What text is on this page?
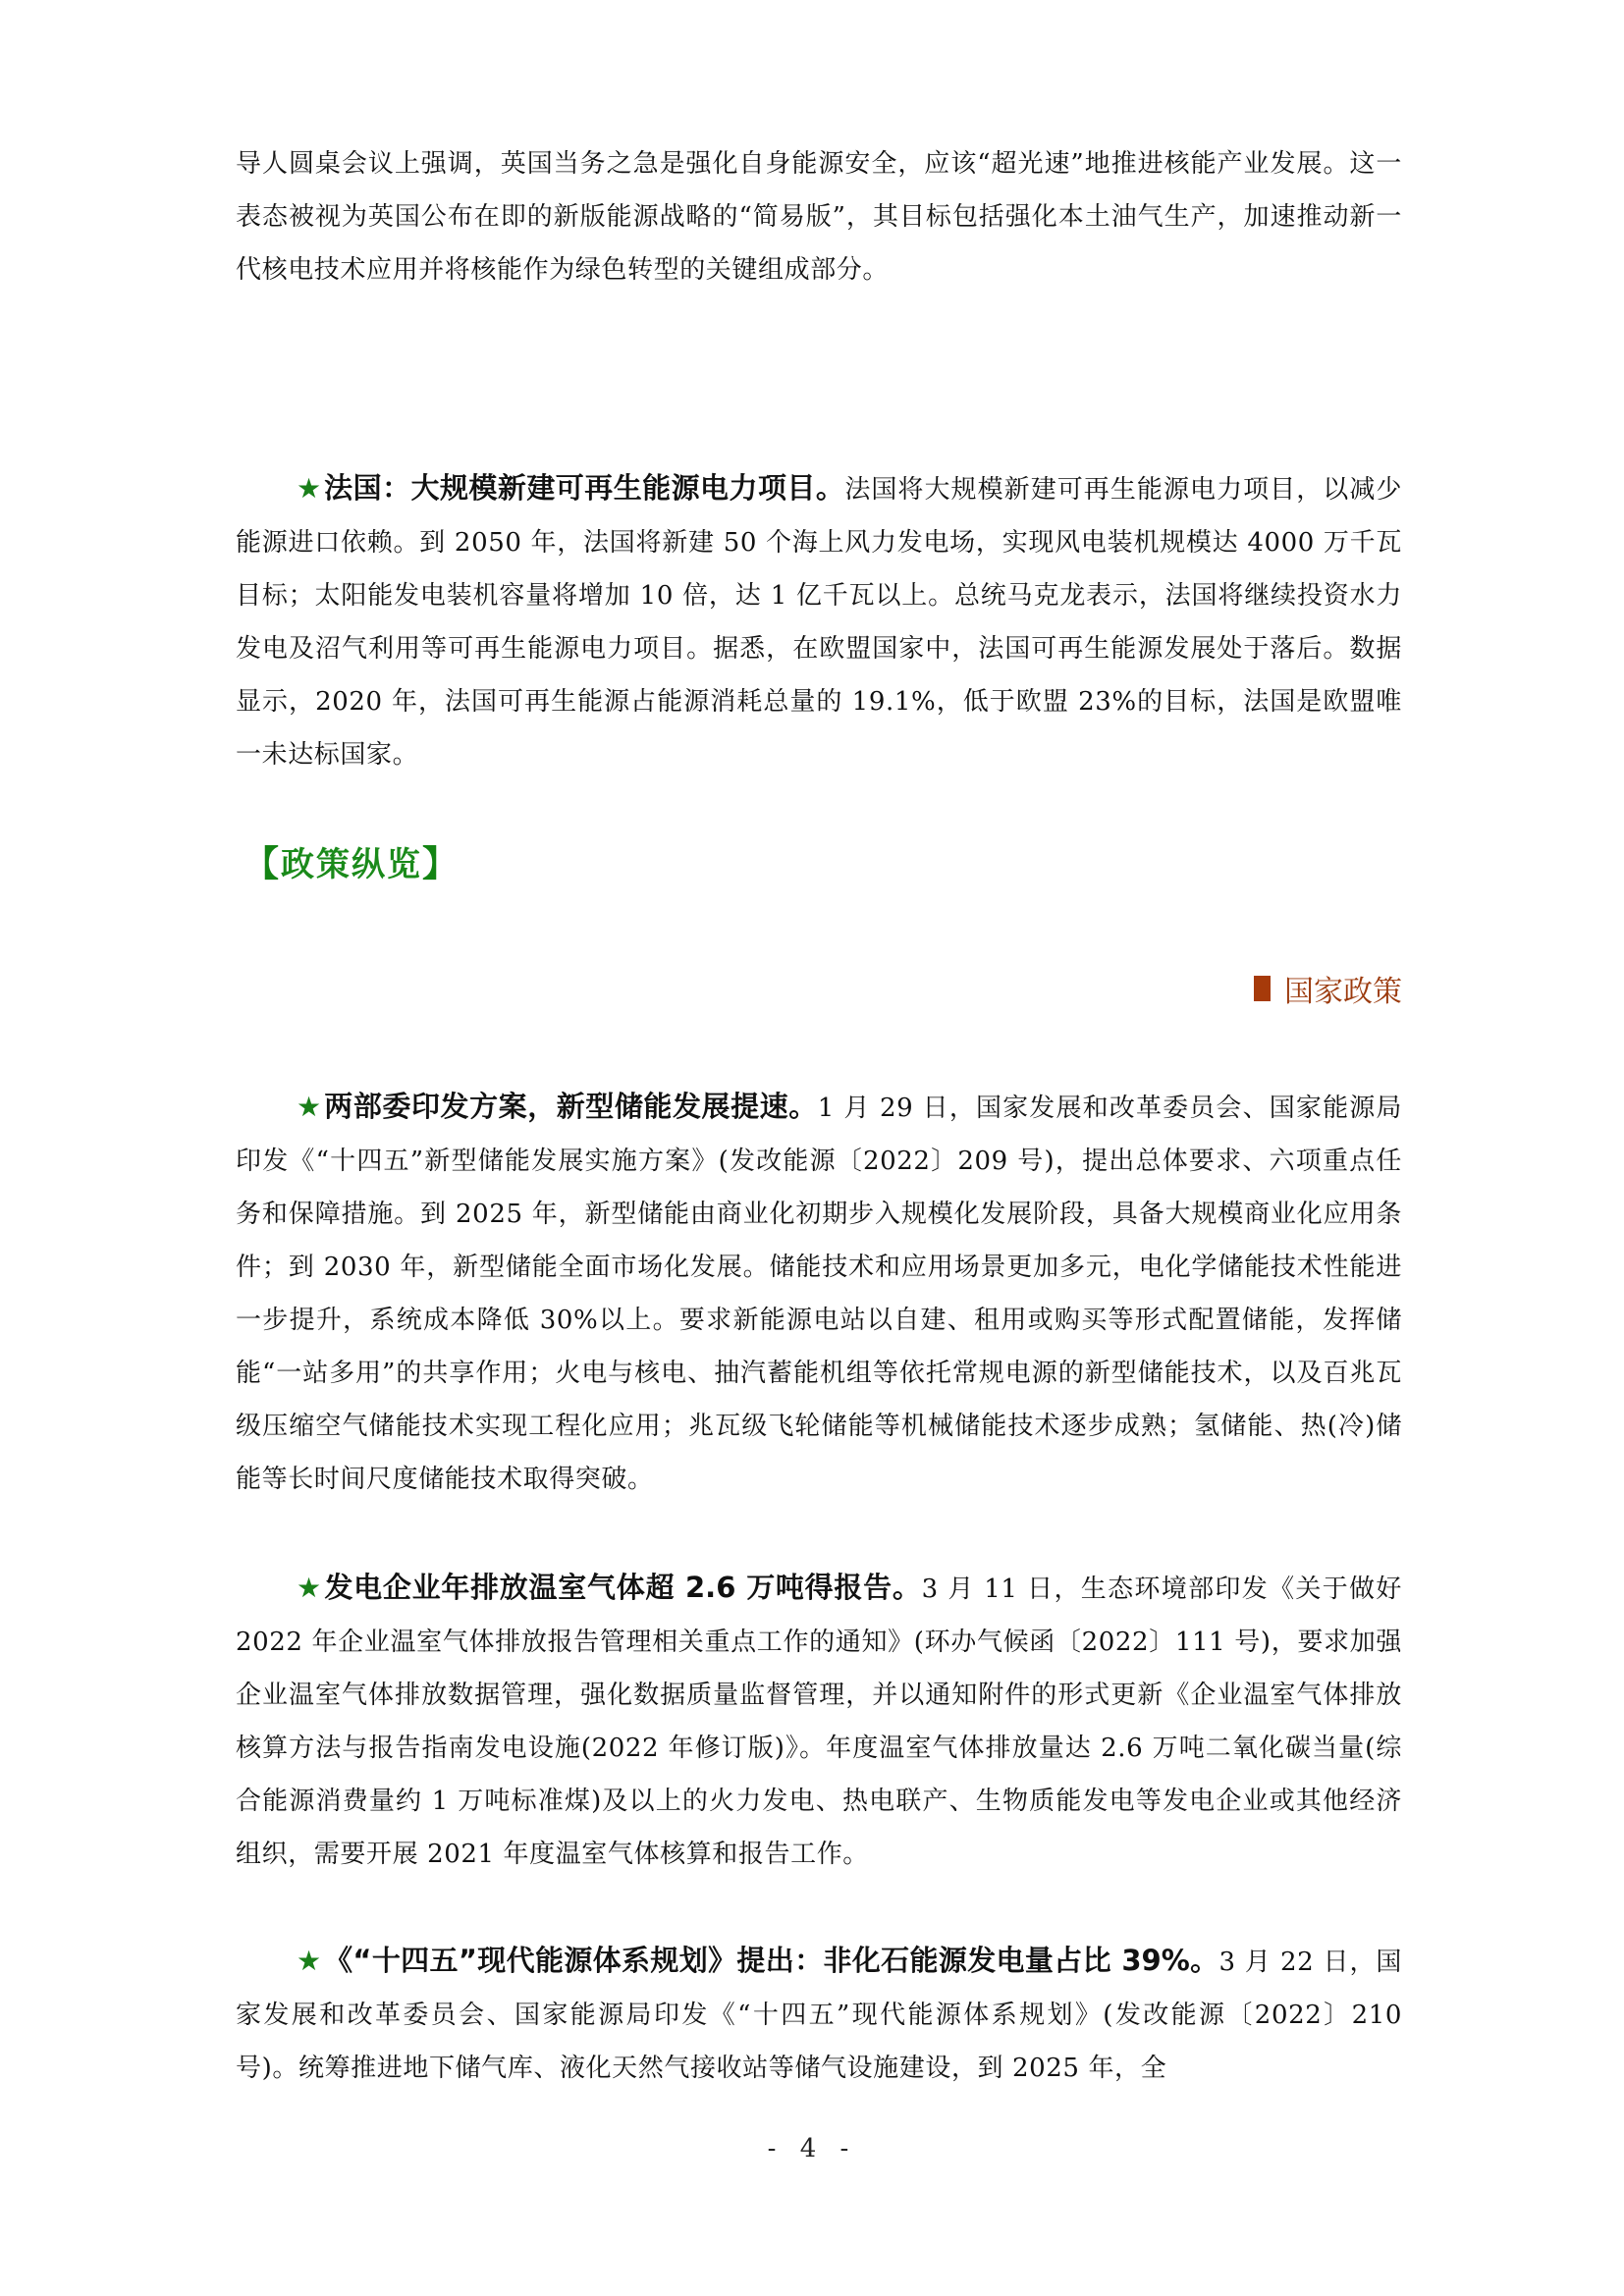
导人圆桌会议上强调，英国当务之急是强化自身能源安全，应该“超光速”地推进核能产业发展。这一表态被视为英国公布在即的新版能源战略的“简易版”，其目标包括强化本土油气生产，加速推动新一代核电技术应用并将核能作为绿色转型的关键组成部分。

★法国：大规模新建可再生能源电力项目。法国将大规模新建可再生能源电力项目，以减少能源进口依赖。到 2050 年，法国将新建 50 个海上风力发电场，实现风电装机规模达 4000 万千瓦目标；太阳能发电装机容量将增加 10 倍，达 1 亿千瓦以上。总统马克龙表示，法国将继续投资水力发电及沼气利用等可再生能源电力项目。据悉，在欧盟国家中，法国可再生能源发展处于落后。数据显示，2020 年，法国可再生能源占能源消耗总量的 19.1%，低于欧盟 23%的目标，法国是欧盟唯一未达标国家。

【政策纵览】
国家政策

★两部委印发方案，新型储能发展提速。1 月 29 日，国家发展和改革委员会、国家能源局印发《“十四五”新型储能发展实施方案》(发改能源〔2022〕209 号)，提出总体要求、六项重点任务和保障措施。到 2025 年，新型储能由商业化初期步入规模化发展阶段，具备大规模商业化应用条件；到 2030 年，新型储能全面市场化发展。储能技术和应用场景更加多元，电化学储能技术性能进一步提升，系统成本降低 30%以上。要求新能源电站以自建、租用或购买等形式配置储能，发挥储能“一站多用”的共享作用；火电与核电、抽汽蓄能机组等依托常规电源的新型储能技术，以及百兆瓦级压缩空气储能技术实现工程化应用；兆瓦级飞轮储能等机械储能技术逐步成熟；氢储能、热(冷)储能等长时间尺度储能技术取得突破。

★发电企业年排放温室气体超 2.6 万吨得报告。3 月 11 日，生态环境部印发《关于做好 2022 年企业温室气体排放报告管理相关重点工作的通知》(环办气候函〔2022〕111 号)，要求加强企业温室气体排放数据管理，强化数据质量监督管理，并以通知附件的形式更新《企业温室气体排放核算方法与报告指南发电设施(2022 年修订版)》。年度温室气体排放量达 2.6 万吨二氧化碳当量(综合能源消费量约 1 万吨标准煤)及以上的火力发电、热电联产、生物质能发电等发电企业或其他经济组织，需要开展 2021 年度温室气体核算和报告工作。

★《“十四五”现代能源体系规划》提出：非化石能源发电量占比 39%。3 月 22 日，国家发展和改革委员会、国家能源局印发《“十四五”现代能源体系规划》(发改能源〔2022〕210 号)。统筹推进地下储气库、液化天然气接收站等储气设施建设，到 2025 年，全

- 4 -
